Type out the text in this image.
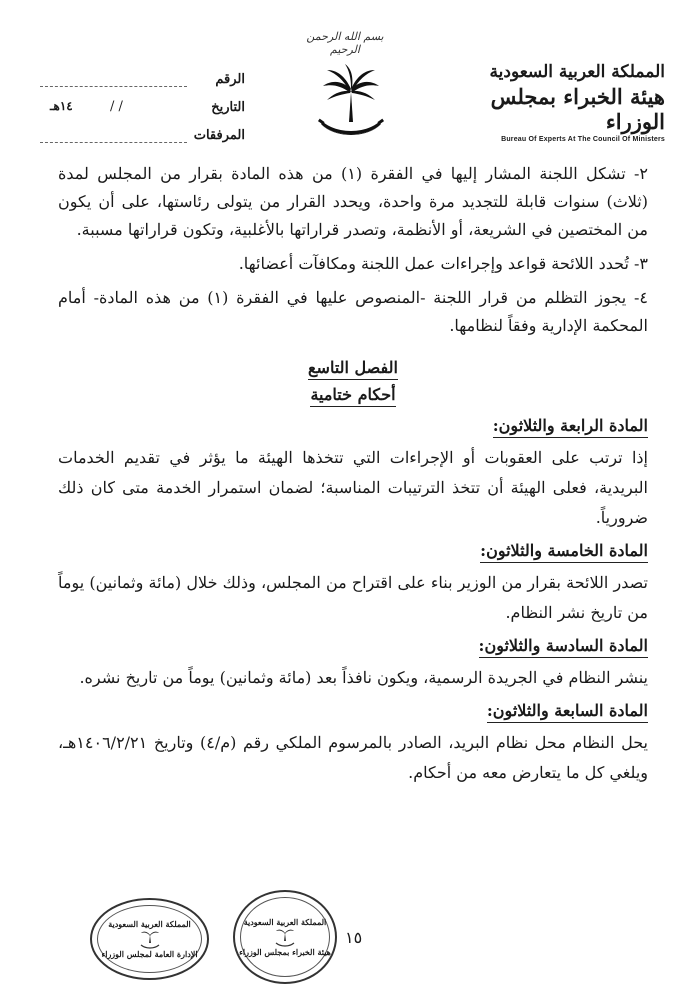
بسم الله الرحمن الرحيم
المملكة العربية السعودية
هيئة الخبراء بمجلس الوزراء
Bureau Of Experts At The Council Of Ministers
الرقم
التاريخ
/ /
١٤هـ
المرفقات

٢- تشكل اللجنة المشار إليها في الفقرة (١) من هذه المادة بقرار من المجلس لمدة (ثلاث) سنوات قابلة للتجديد مرة واحدة، ويحدد القرار من يتولى رئاستها، على أن يكون من المختصين في الشريعة، أو الأنظمة، وتصدر قراراتها بالأغلبية، وتكون قراراتها مسببة.

٣- تُحدد اللائحة قواعد وإجراءات عمل اللجنة ومكافآت أعضائها.

٤- يجوز التظلم من قرار اللجنة -المنصوص عليها في الفقرة (١) من هذه المادة- أمام المحكمة الإدارية وفقاً لنظامها.

الفصل التاسع
أحكام ختامية
المادة الرابعة والثلاثون:

إذا ترتب على العقوبات أو الإجراءات التي تتخذها الهيئة ما يؤثر في تقديم الخدمات البريدية، فعلى الهيئة أن تتخذ الترتيبات المناسبة؛ لضمان استمرار الخدمة متى كان ذلك ضرورياً.

المادة الخامسة والثلاثون:

تصدر اللائحة بقرار من الوزير بناء على اقتراح من المجلس، وذلك خلال (مائة وثمانين) يوماً من تاريخ نشر النظام.

المادة السادسة والثلاثون:

ينشر النظام في الجريدة الرسمية، ويكون نافذاً بعد (مائة وثمانين) يوماً من تاريخ نشره.

المادة السابعة والثلاثون:

يحل النظام محل نظام البريد، الصادر بالمرسوم الملكي رقم (م/٤) وتاريخ ١٤٠٦/٢/٢١هـ، ويلغي كل ما يتعارض معه من أحكام.

١٥
المملكة العربية السعودية
الإدارة العامة لمجلس الوزراء
المملكة العربية السعودية
هيئة الخبراء بمجلس الوزراء
